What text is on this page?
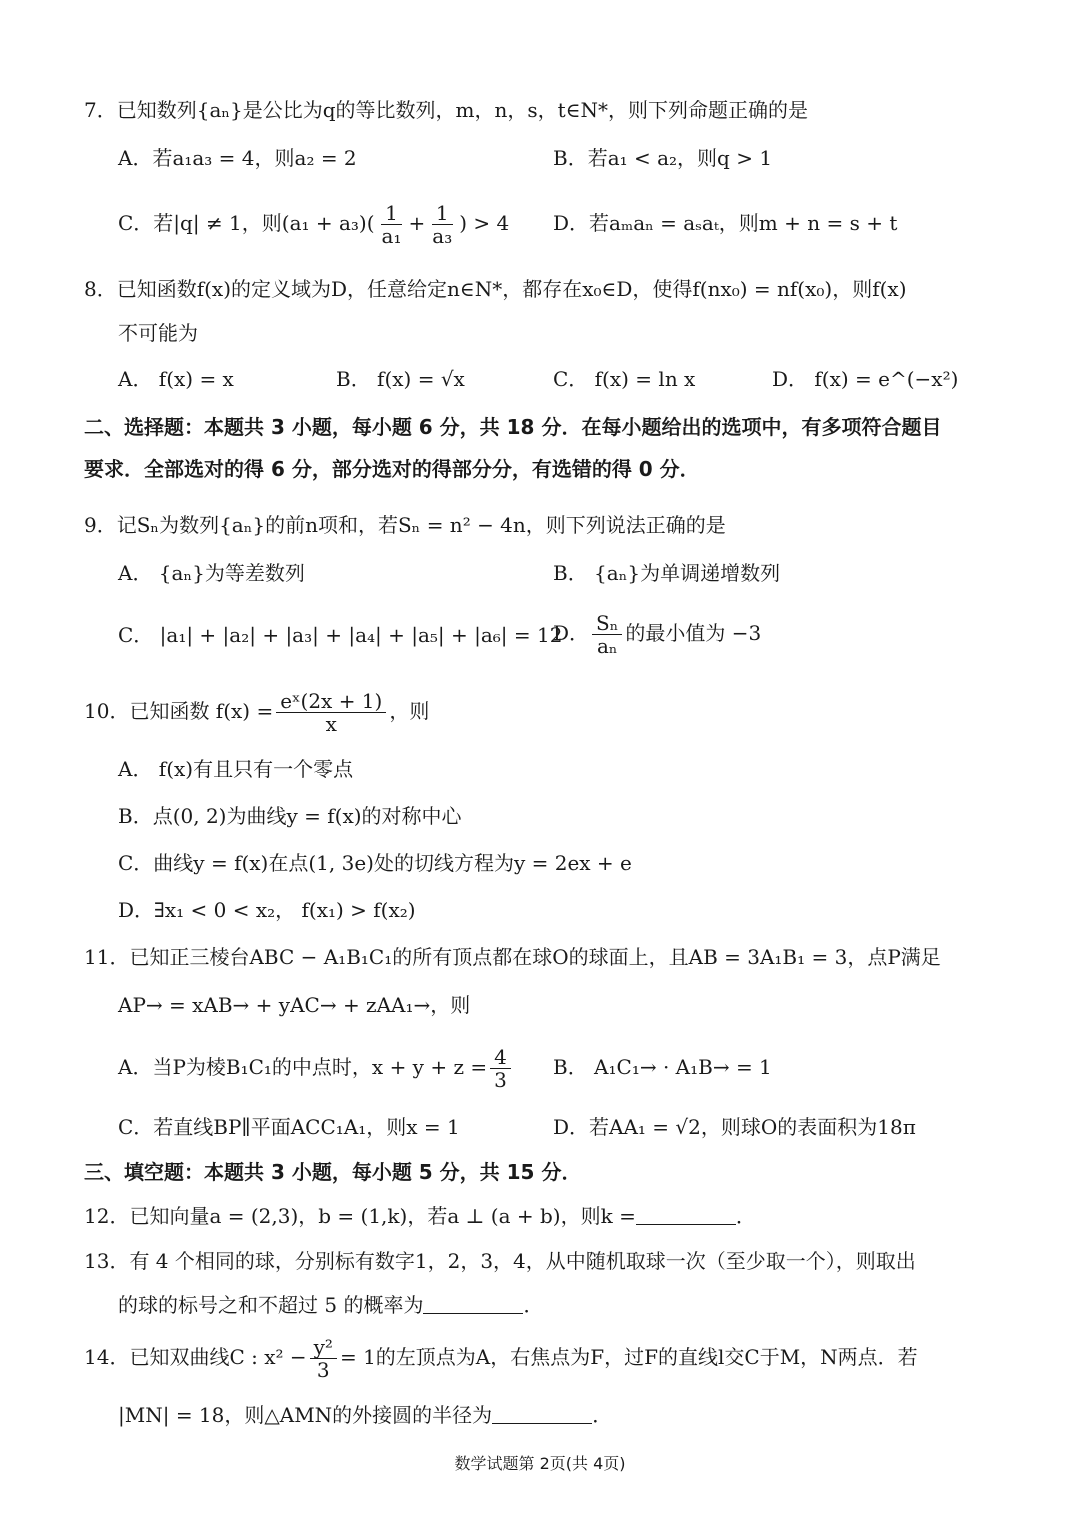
7．已知数列{aₙ}是公比为q的等比数列，m，n，s，t∈N*，则下列命题正确的是
A．若a₁a₃ = 4，则a₂ = 2	B．若a₁ < a₂，则q > 1
C．若|q| ≠ 1，则$(a_1 + a_3)( \frac{1}{\text{a₁}} + \frac{1}{\text{a₃}}$ ) > 4 D．若aₘaₙ = aₛaₜ，则m + n = s + t
8．已知函数f(x)的定义域为D，任意给定n∈N*，都存在x₀∈D，使得f(nx₀) = nf(x₀)，则f(x)
不可能为
A． f(x) = x	B． f(x) = √x	C． f(x) = ln x	D． f(x) = e^(−x²)
二、选择题：本题共 3 小题，每小题 6 分，共 18 分．在每小题给出的选项中，有多项符合题目
要求．全部选对的得 6 分，部分选对的得部分分，有选错的得 0 分．
9．记Sₙ为数列{aₙ}的前n项和，若Sₙ = n² − 4n，则下列说法正确的是
A． {aₙ}为等差数列	B． {aₙ}为单调递增数列
C． |a₁| + |a₂| + |a₃| + |a₄| + |a₅| + |a₆| = 12
D． $\frac{\text{Sₙ}}{\text{aₙ}}$ 的最小值为 −3
10．已知函数 $f(x) = \frac{\text{eˣ(2x + 1)}}{x}$ ，则
A． f(x)有且只有一个零点
B．点(0, 2)为曲线y = f(x)的对称中心
C．曲线y = f(x)在点(1, 3e)处的切线方程为y = 2ex + e
D．∃x₁ < 0 < x₂， f(x₁) > f(x₂)
11．已知正三棱台ABC − A₁B₁C₁的所有顶点都在球O的球面上，且AB = 3A₁B₁ = 3，点P满足
AP→ = xAB→ + yAC→ + zAA₁→，则
A．当P为棱B₁C₁的中点时，$x + y + z = \frac{4}{3}$ B． A₁C₁→ · A₁B→ = 1
C．若直线BP∥平面ACC₁A₁，则x = 1	D．若AA₁ = √2，则球O的表面积为18π
三、填空题：本题共 3 小题，每小题 5 分，共 15 分．
12．已知向量a = (2,3)，b = (1,k)，若a ⊥ (a + b)，则k =	．
13．有 4 个相同的球，分别标有数字1，2，3，4，从中随机取球一次（至少取一个），则取出
的球的标号之和不超过 5 的概率为	．
14．已知双曲线C : $x^2 - \frac{\text{y²}}{3} = 1$的左顶点为A，右焦点为F，过F的直线l交C于M，N两点．若
|MN| = 18，则△AMN的外接圆的半径为	．
数学试题第 2页(共 4页)
